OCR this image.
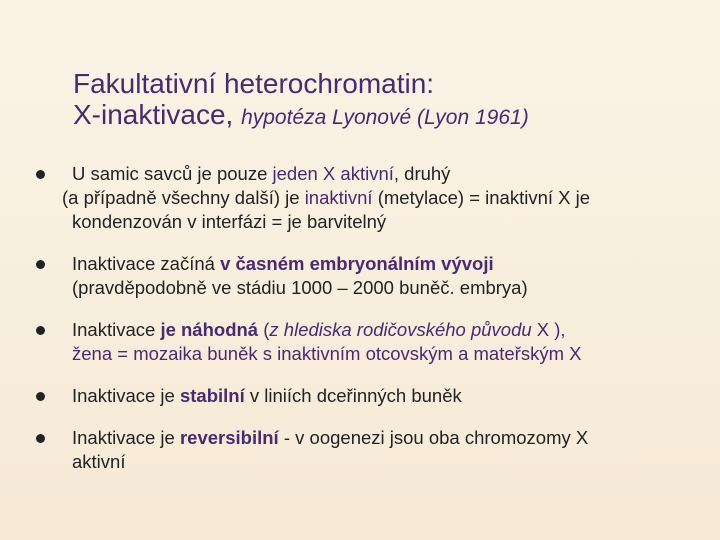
Fakultativní heterochromatin:
X-inaktivace, hypotéza Lyonové (Lyon 1961)
U samic savců je pouze jeden X aktivní, druhý
(a případně všechny další) je inaktivní (metylace) = inaktivní X je
kondenzován v interfázi = je barvitelný
Inaktivace začíná v časném embryonálním vývoji
(pravděpodobně ve stádiu 1000 – 2000 buněč. embrya)
Inaktivace je náhodná (z hlediska rodičovského původu X ),
žena = mozaika buněk s inaktivním otcovským a mateřským X
Inaktivace je stabilní v liniích dceřinných buněk
Inaktivace je reversibilní - v oogenezi jsou oba chromozomy X
aktivní
